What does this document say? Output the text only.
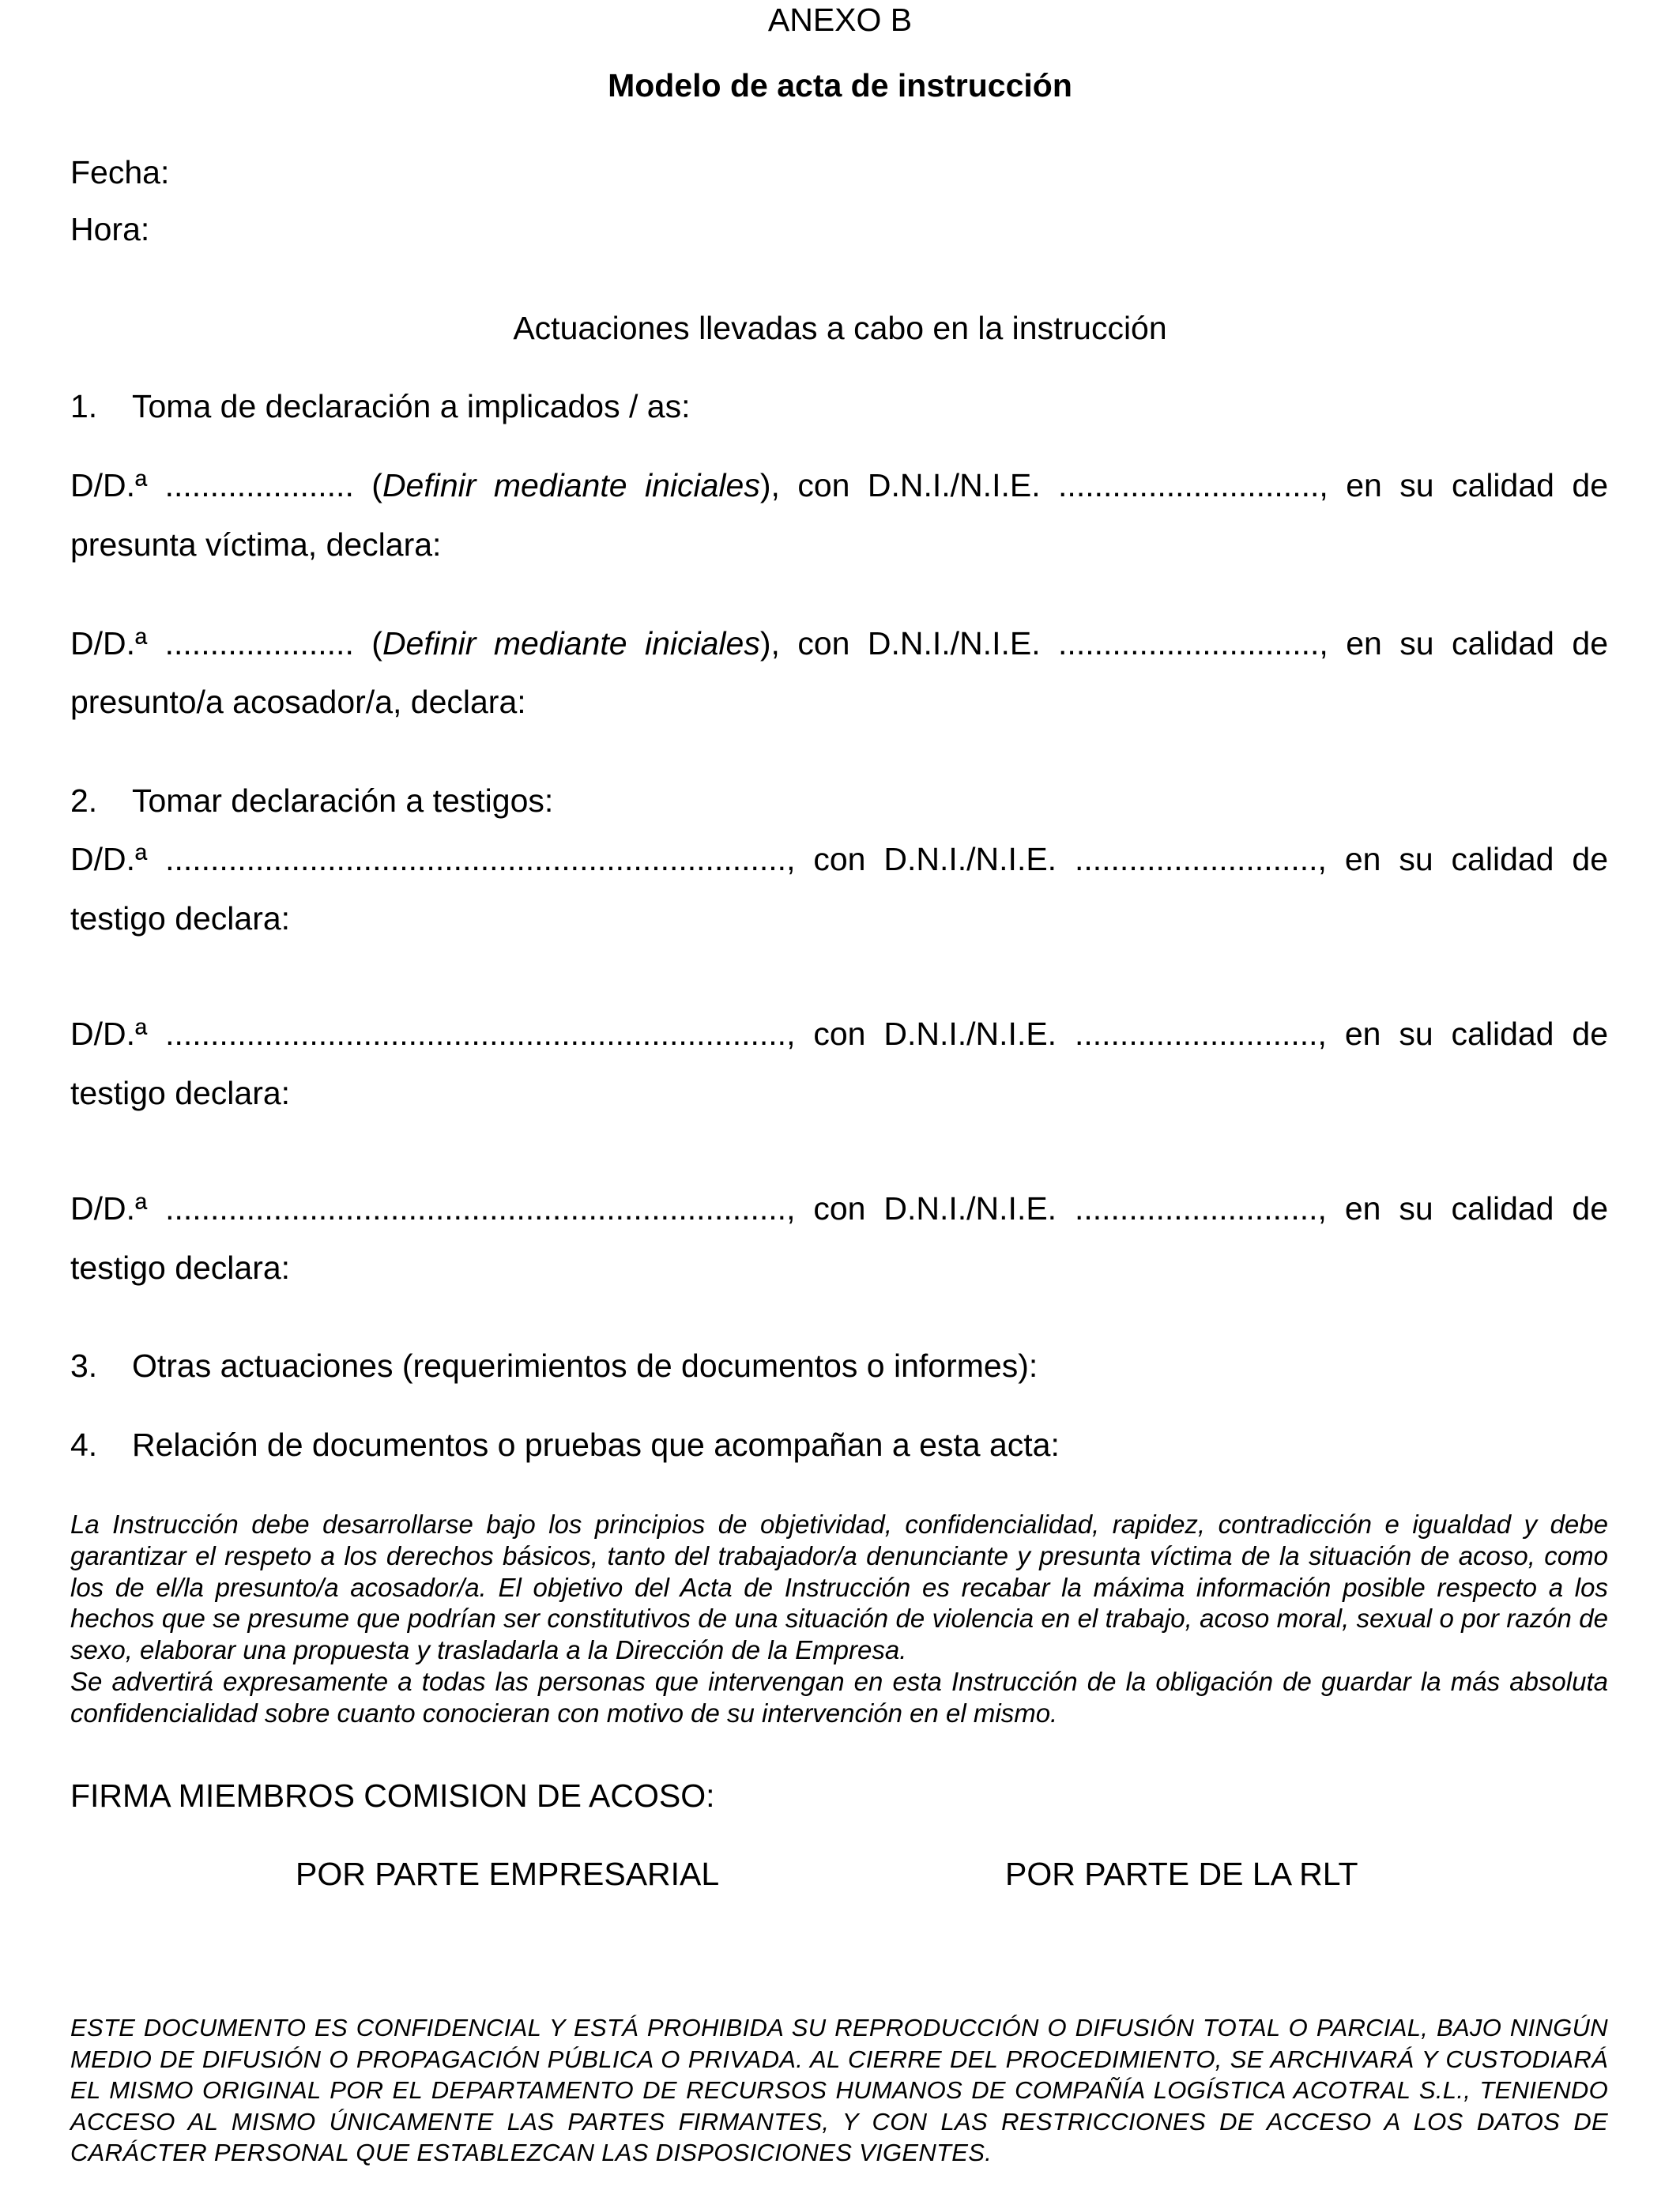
ANEXO B
Modelo de acta de instrucción
Fecha:
Hora:
Actuaciones llevadas a cabo en la instrucción
1. Toma de declaración a implicados / as:
D/D.ª ..................... (Definir mediante iniciales), con D.N.I./N.I.E. ............................., en su calidad de
presunta víctima, declara:
D/D.ª ..................... (Definir mediante iniciales), con D.N.I./N.I.E. ............................., en su calidad de
presunto/a acosador/a, declara:
2. Tomar declaración a testigos:
D/D.ª ....................................................................., con D.N.I./N.I.E. ..........................., en su calidad de
testigo declara:
D/D.ª ....................................................................., con D.N.I./N.I.E. ..........................., en su calidad de
testigo declara:
D/D.ª ....................................................................., con D.N.I./N.I.E. ..........................., en su calidad de
testigo declara:
3. Otras actuaciones (requerimientos de documentos o informes):
4. Relación de documentos o pruebas que acompañan a esta acta:

La Instrucción debe desarrollarse bajo los principios de objetividad, confidencialidad, rapidez, contradicción e igualdad y debe garantizar el respeto a los derechos básicos, tanto del trabajador/a denunciante y presunta víctima de la situación de acoso, como los de el/la presunto/a acosador/a. El objetivo del Acta de Instrucción es recabar la máxima información posible respecto a los hechos que se presume que podrían ser constitutivos de una situación de violencia en el trabajo, acoso moral, sexual o por razón de sexo, elaborar una propuesta y trasladarla a la Dirección de la Empresa.

Se advertirá expresamente a todas las personas que intervengan en esta Instrucción de la obligación de guardar la más absoluta confidencialidad sobre cuanto conocieran con motivo de su intervención en el mismo.

FIRMA MIEMBROS COMISION DE ACOSO:
POR PARTE EMPRESARIAL	POR PARTE DE LA RLT
ESTE DOCUMENTO ES CONFIDENCIAL Y ESTÁ PROHIBIDA SU REPRODUCCIÓN O DIFUSIÓN TOTAL O PARCIAL, BAJO NINGÚN MEDIO DE DIFUSIÓN O PROPAGACIÓN PÚBLICA O PRIVADA. AL CIERRE DEL PROCEDIMIENTO, SE ARCHIVARÁ Y CUSTODIARÁ EL MISMO ORIGINAL POR EL DEPARTAMENTO DE RECURSOS HUMANOS DE COMPAÑÍA LOGÍSTICA ACOTRAL S.L., TENIENDO ACCESO AL MISMO ÚNICAMENTE LAS PARTES FIRMANTES, Y CON LAS RESTRICCIONES DE ACCESO A LOS DATOS DE CARÁCTER PERSONAL QUE ESTABLEZCAN LAS DISPOSICIONES VIGENTES.
